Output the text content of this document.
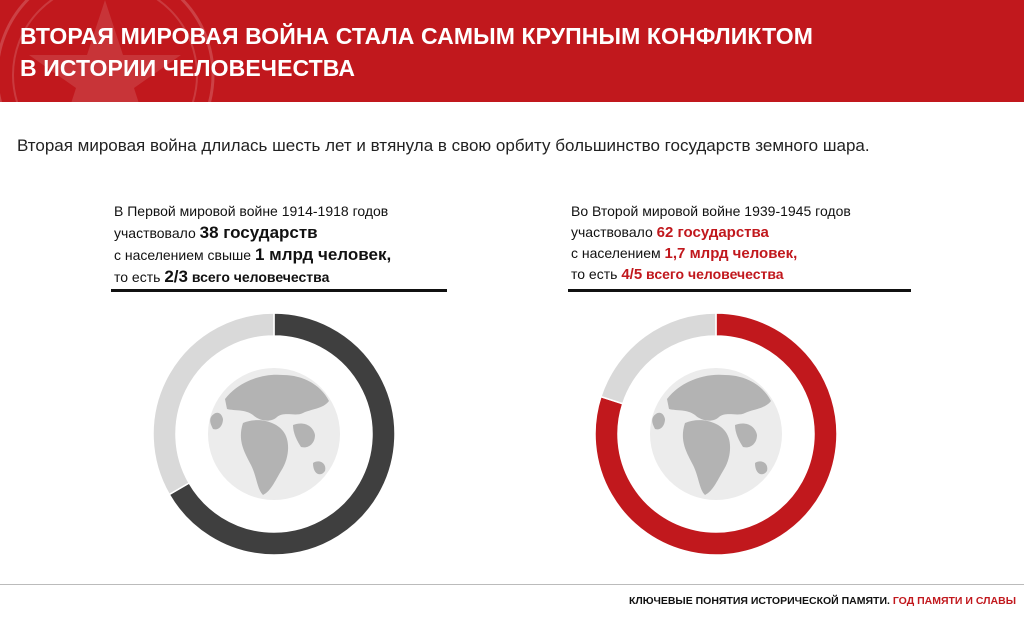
ВТОРАЯ МИРОВАЯ ВОЙНА СТАЛА САМЫМ КРУПНЫМ КОНФЛИКТОМ
В ИСТОРИИ ЧЕЛОВЕЧЕСТВА

Вторая мировая война длилась шесть лет и втянула в свою орбиту большинство государств земного шара.

В Первой мировой войне 1914-1918 годов
участвовало 38 государств
с населением свыше 1 млрд человек,
то есть 2/3 всего человечества
Во Второй мировой войне 1939-1945 годов
участвовало 62 государства
с населением 1,7 млрд человек,
то есть 4/5 всего человечества
КЛЮЧЕВЫЕ ПОНЯТИЯ ИСТОРИЧЕСКОЙ ПАМЯТИ. ГОД ПАМЯТИ И СЛАВЫ
